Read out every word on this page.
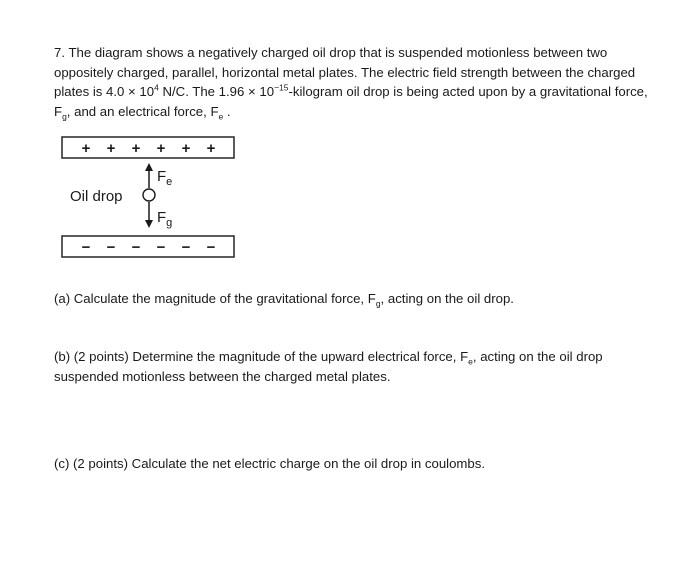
7. The diagram shows a negatively charged oil drop that is suspended motionless between two oppositely charged, parallel, horizontal metal plates. The electric field strength between the charged plates is $4.0 \times 10^4$ N/C. The $1.96 \times 10^{-15}$-kilogram oil drop is being acted upon by a gravitational force, $F_g$, and an electrical force, $F_e$ .

+ + + + + +
$F_e$
Oil drop
$F_g$
− − − − − −

(a) Calculate the magnitude of the gravitational force, $F_g$, acting on the oil drop.

(b) (2 points) Determine the magnitude of the upward electrical force, $F_e$, acting on the oil drop suspended motionless between the charged metal plates.

(c) (2 points) Calculate the net electric charge on the oil drop in coulombs.
